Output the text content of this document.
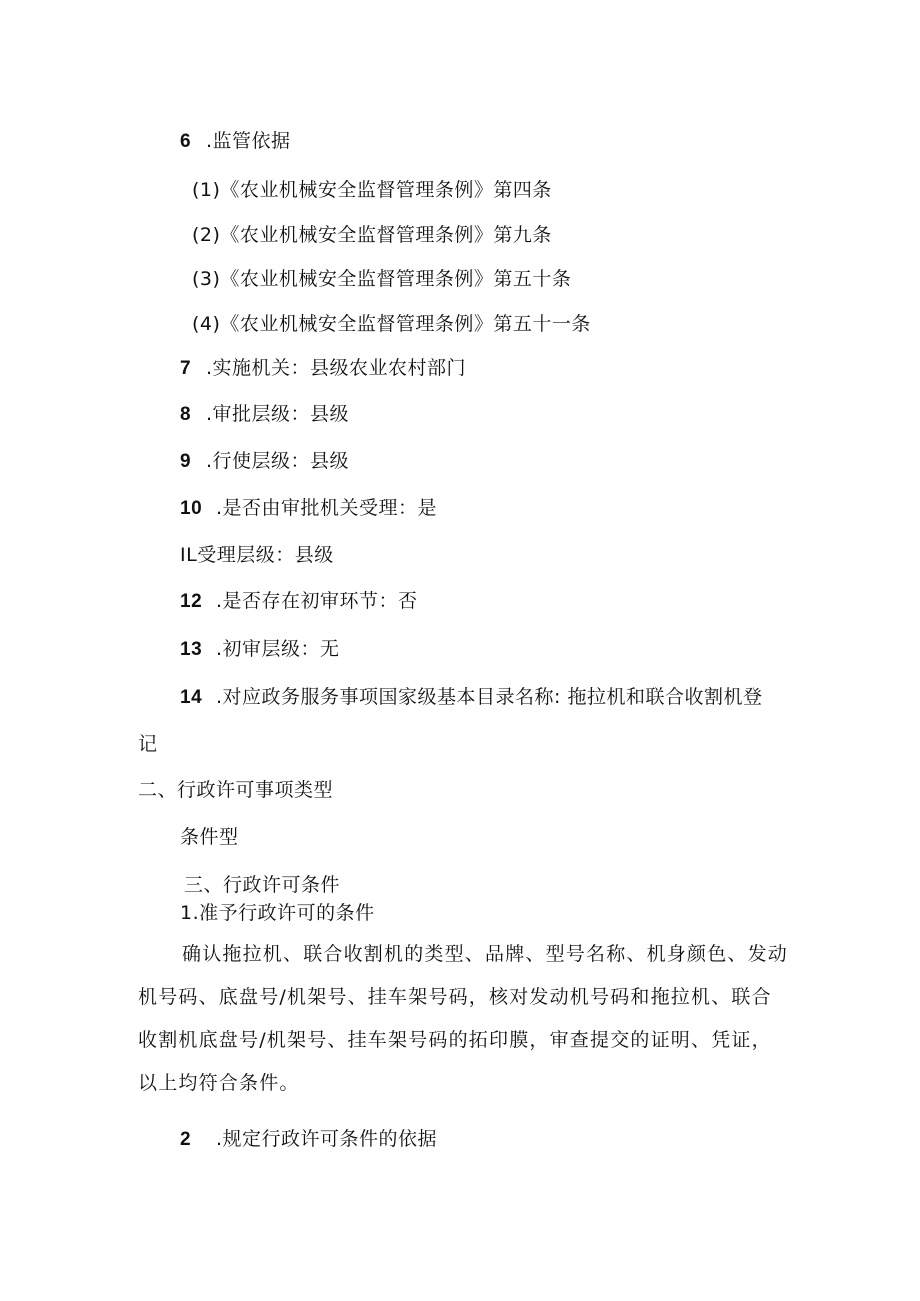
6 .监管依据
(1)《农业机械安全监督管理条例》第四条
(2)《农业机械安全监督管理条例》第九条
(3)《农业机械安全监督管理条例》第五十条
(4)《农业机械安全监督管理条例》第五十一条
7 .实施机关：县级农业农村部门
8 .审批层级：县级
9 .行使层级：县级
10 .是否由审批机关受理：是
IL受理层级：县级
12 .是否存在初审环节：否
13 .初审层级：无
14 .对应政务服务事项国家级基本目录名称: 拖拉机和联合收割机登
记
二、行政许可事项类型
条件型
三、行政许可条件
1.准予行政许可的条件
确认拖拉机、联合收割机的类型、品牌、型号名称、机身颜色、发动机号码、底盘号/机架号、挂车架号码，核对发动机号码和拖拉机、联合收割机底盘号/机架号、挂车架号码的拓印膜，审查提交的证明、凭证，以上均符合条件。
2 .规定行政许可条件的依据
